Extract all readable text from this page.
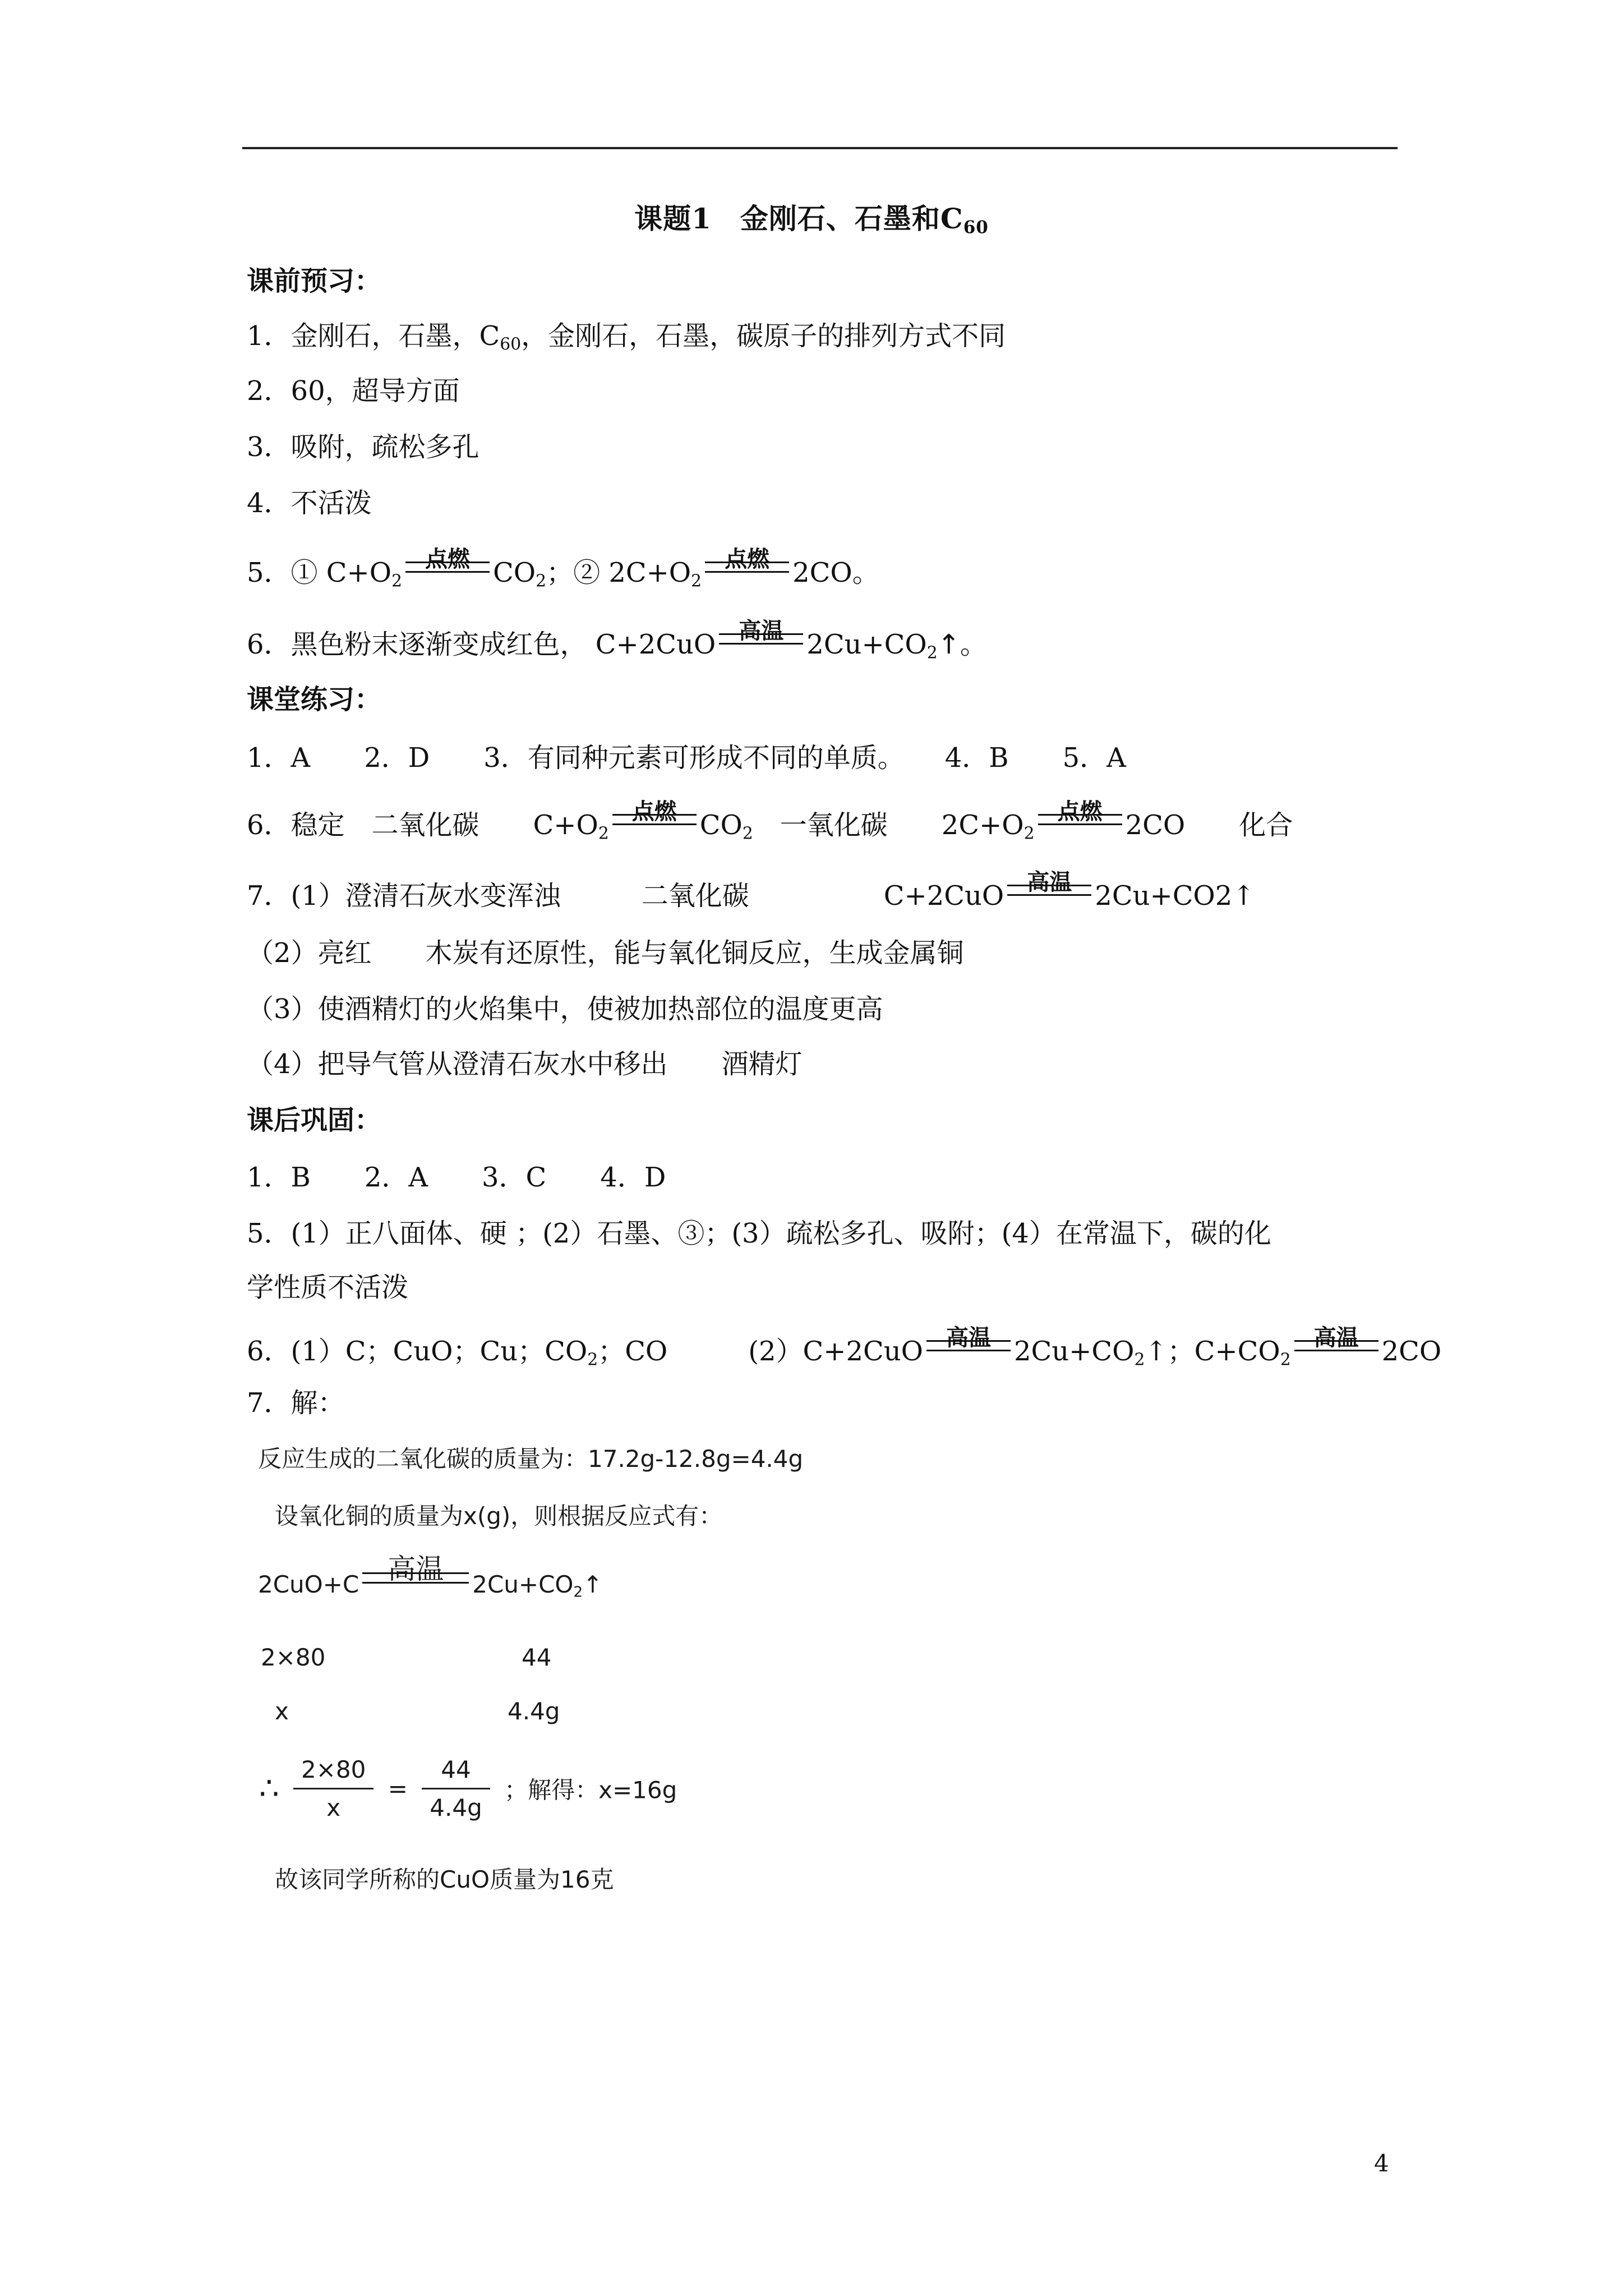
课题1　金刚石、石墨和$C_{60}$
课前预习：
1．金刚石，石墨，$C_{60}$，金刚石，石墨，碳原子的排列方式不同
2．60，超导方面
3．吸附，疏松多孔
4．不活泼
5．① $C+O_2$
点燃 $CO_2$；② $2C+O_2$
点燃 2CO。
6．黑色粉末逐渐变成红色， C+2CuO	高温 $2Cu+CO_2↑$。
课堂练习：
1．A　　2．D　　3．有同种元素可形成不同的单质。　　4．B　　5．A
6．稳定　二氧化碳　　$C+O_2$
点燃 $CO_2$　一氧化碳　　$2C+O_2$
点燃 2CO　　化合
7．(1）澄清石灰水变浑浊　　　二氧化碳　　　　　C+2CuO	高温 2Cu+CO2↑
（2）亮红　　木炭有还原性，能与氧化铜反应，生成金属铜
（3）使酒精灯的火焰集中，使被加热部位的温度更高
（4）把导气管从澄清石灰水中移出　　酒精灯
课后巩固：
1．B　　2．A　　3．C　　4．D
5．(1）正八面体、硬 ；(2）石墨、③；(3）疏松多孔、吸附；(4）在常温下，碳的化
学性质不活泼
6．(1）C；CuO；Cu；$CO_2$；CO　　　(2）C+2CuO	高温 $2Cu+CO_2↑$；$C+CO_2$
高温 2CO
7．解：
反应生成的二氧化碳的质量为：17.2g-12.8g=4.4g
设氧化铜的质量为x(g)，则根据反应式有：
2CuO+C	高温	$2Cu+CO_2↑$
2×80	44
x	4.4g
∴ $\frac{2\times 80}{x} = \frac{44}{4.4g}$ ；解得：x=16g
故该同学所称的CuO质量为16克
4
